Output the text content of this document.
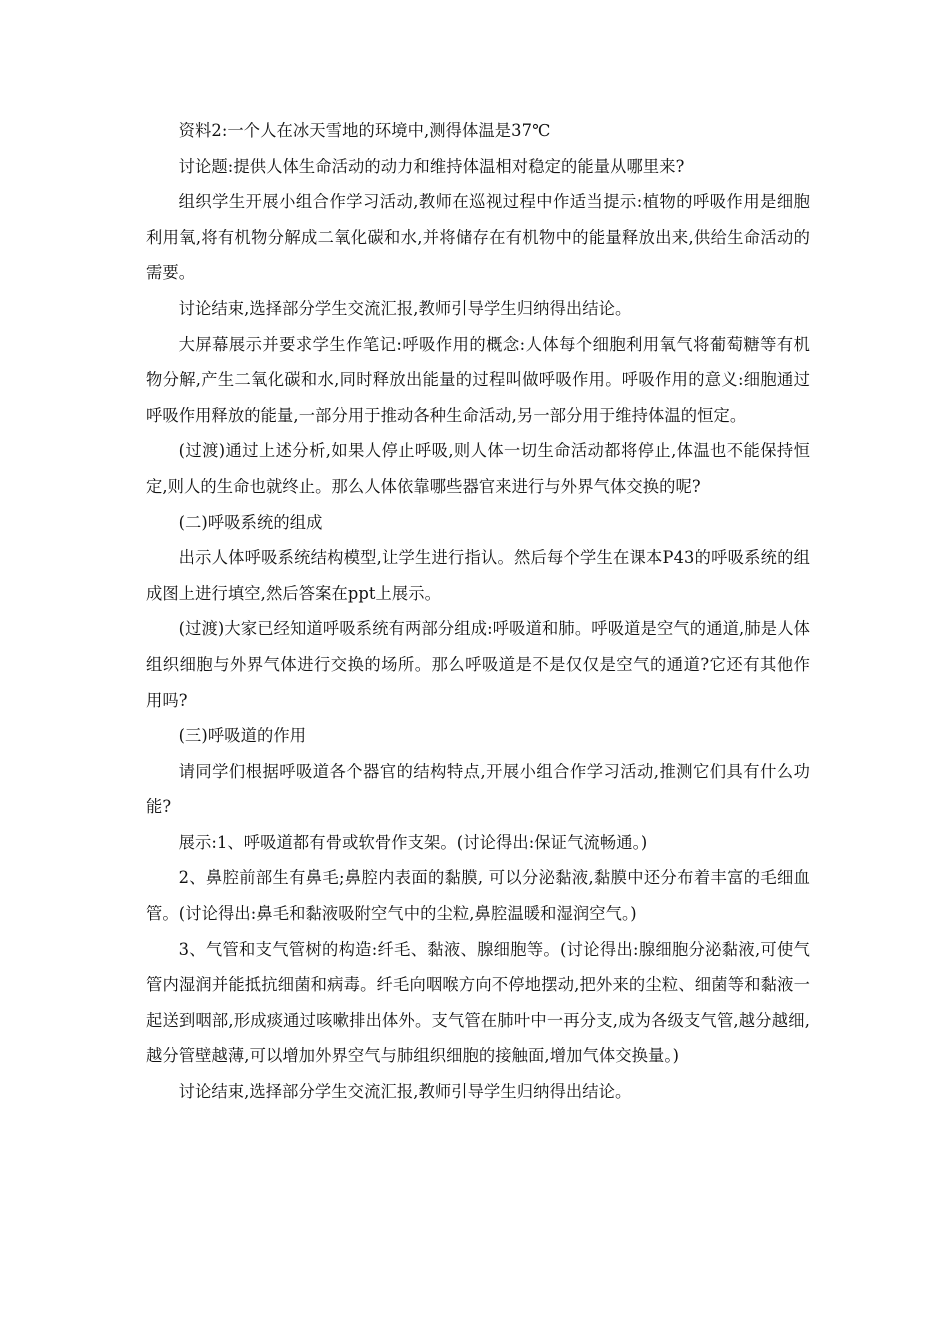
资料2:一个人在冰天雪地的环境中,测得体温是37℃

讨论题:提供人体生命活动的动力和维持体温相对稳定的能量从哪里来?

组织学生开展小组合作学习活动,教师在巡视过程中作适当提示:植物的呼吸作用是细胞利用氧,将有机物分解成二氧化碳和水,并将储存在有机物中的能量释放出来,供给生命活动的需要。

讨论结束,选择部分学生交流汇报,教师引导学生归纳得出结论。

大屏幕展示并要求学生作笔记:呼吸作用的概念:人体每个细胞利用氧气将葡萄糖等有机物分解,产生二氧化碳和水,同时释放出能量的过程叫做呼吸作用。呼吸作用的意义:细胞通过呼吸作用释放的能量,一部分用于推动各种生命活动,另一部分用于维持体温的恒定。

(过渡)通过上述分析,如果人停止呼吸,则人体一切生命活动都将停止,体温也不能保持恒定,则人的生命也就终止。那么人体依靠哪些器官来进行与外界气体交换的呢?

(二)呼吸系统的组成

出示人体呼吸系统结构模型,让学生进行指认。然后每个学生在课本P43的呼吸系统的组成图上进行填空,然后答案在ppt上展示。

(过渡)大家已经知道呼吸系统有两部分组成:呼吸道和肺。呼吸道是空气的通道,肺是人体组织细胞与外界气体进行交换的场所。那么呼吸道是不是仅仅是空气的通道?它还有其他作用吗?

(三)呼吸道的作用

请同学们根据呼吸道各个器官的结构特点,开展小组合作学习活动,推测它们具有什么功能?

展示:1、呼吸道都有骨或软骨作支架。(讨论得出:保证气流畅通。)

2、鼻腔前部生有鼻毛;鼻腔内表面的黏膜, 可以分泌黏液,黏膜中还分布着丰富的毛细血管。(讨论得出:鼻毛和黏液吸附空气中的尘粒,鼻腔温暖和湿润空气。)

3、气管和支气管树的构造:纤毛、黏液、腺细胞等。(讨论得出:腺细胞分泌黏液,可使气管内湿润并能抵抗细菌和病毒。纤毛向咽喉方向不停地摆动,把外来的尘粒、细菌等和黏液一起送到咽部,形成痰通过咳嗽排出体外。支气管在肺叶中一再分支,成为各级支气管,越分越细,越分管壁越薄,可以增加外界空气与肺组织细胞的接触面,增加气体交换量。)

讨论结束,选择部分学生交流汇报,教师引导学生归纳得出结论。
